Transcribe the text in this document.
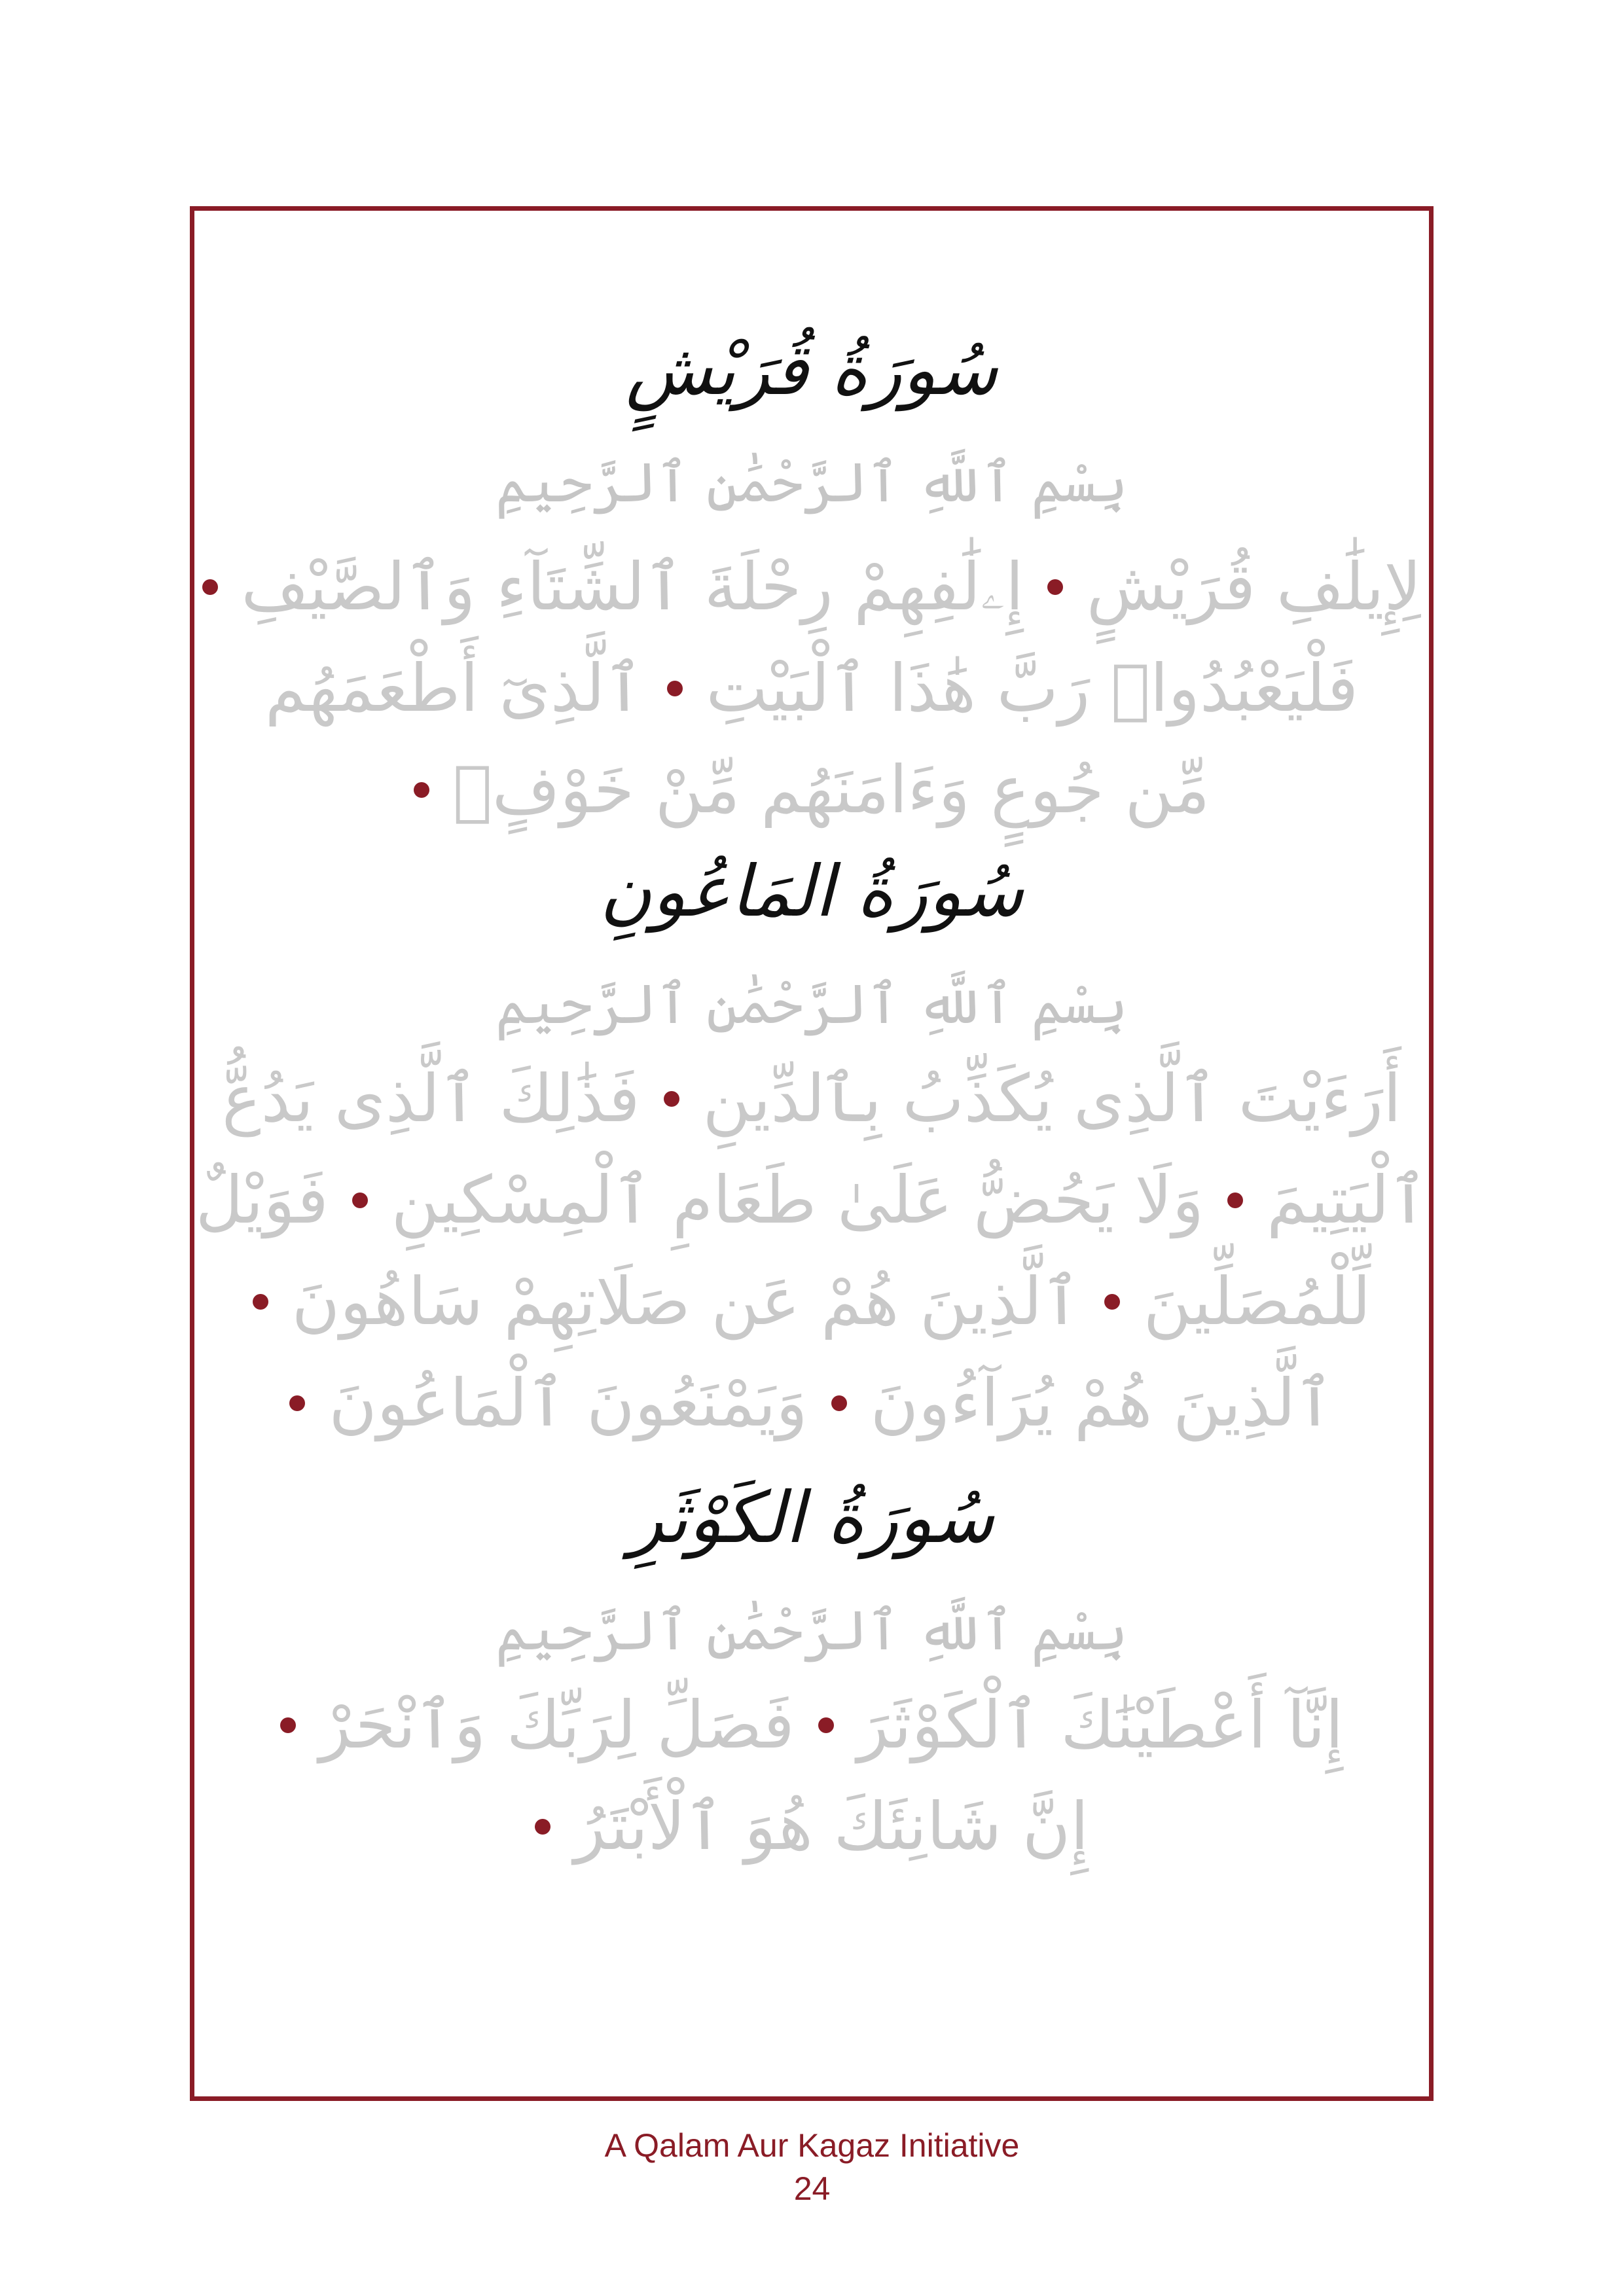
سُورَةُ قُرَيْشٍ
بِسْمِ ٱللَّهِ ٱلرَّحْمَٰنِ ٱلرَّحِيمِ
لِإِيلَٰفِ قُرَيْشٍ
إِۦلَٰفِهِمْ رِحْلَةَ ٱلشِّتَآءِ وَٱلصَّيْفِ
فَلْيَعْبُدُوا۟ رَبَّ هَٰذَا ٱلْبَيْتِ
ٱلَّذِىٓ أَطْعَمَهُم
مِّن جُوعٍ وَءَامَنَهُم مِّنْ خَوْفٍۭ
سُورَةُ المَاعُونِ
بِسْمِ ٱللَّهِ ٱلرَّحْمَٰنِ ٱلرَّحِيمِ
أَرَءَيْتَ ٱلَّذِى يُكَذِّبُ بِٱلدِّينِ
فَذَٰلِكَ ٱلَّذِى يَدُعُّ
ٱلْيَتِيمَ
وَلَا يَحُضُّ عَلَىٰ طَعَامِ ٱلْمِسْكِينِ
فَوَيْلٌ
لِّلْمُصَلِّينَ
ٱلَّذِينَ هُمْ عَن صَلَاتِهِمْ سَاهُونَ
ٱلَّذِينَ هُمْ يُرَآءُونَ
وَيَمْنَعُونَ ٱلْمَاعُونَ
سُورَةُ الكَوْثَرِ
بِسْمِ ٱللَّهِ ٱلرَّحْمَٰنِ ٱلرَّحِيمِ
إِنَّآ أَعْطَيْنَٰكَ ٱلْكَوْثَرَ
فَصَلِّ لِرَبِّكَ وَٱنْحَرْ
إِنَّ شَانِئَكَ هُوَ ٱلْأَبْتَرُ
A Qalam Aur Kagaz Initiative
24
